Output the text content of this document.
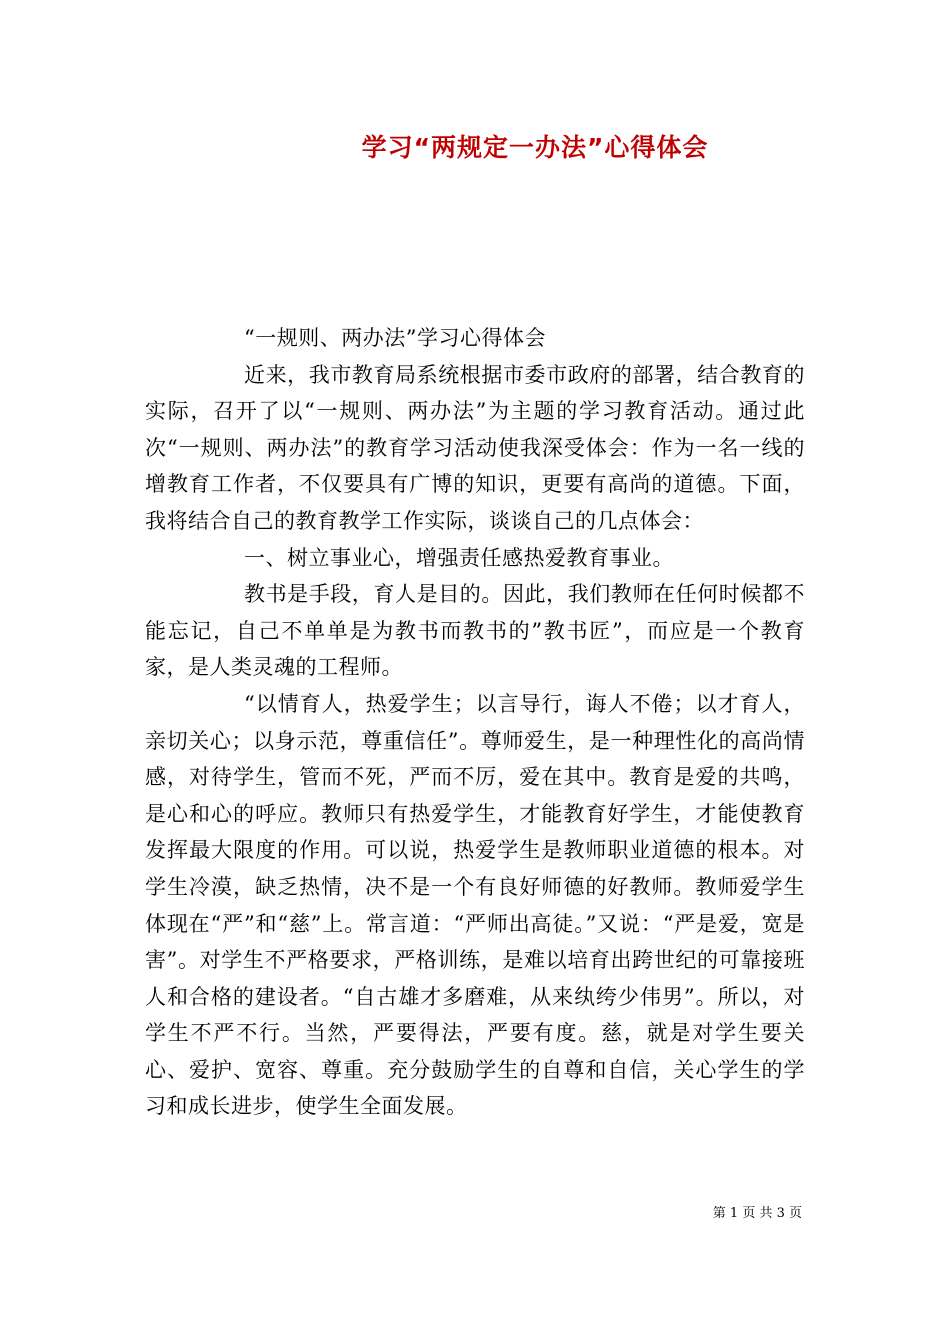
学习“两规定一办法”心得体会

“一规则、两办法”学习心得体会

近来，我市教育局系统根据市委市政府的部署，结合教育的实际，召开了以“一规则、两办法”为主题的学习教育活动。通过此次“一规则、两办法”的教育学习活动使我深受体会：作为一名一线的增教育工作者，不仅要具有广博的知识，更要有高尚的道德。下面，我将结合自己的教育教学工作实际，谈谈自己的几点体会：

一、树立事业心，增强责任感热爱教育事业。

教书是手段，育人是目的。因此，我们教师在任何时候都不能忘记，自己不单单是为教书而教书的”教书匠”，而应是一个教育家，是人类灵魂的工程师。

“以情育人，热爱学生；以言导行，诲人不倦；以才育人，亲切关心；以身示范，尊重信任”。尊师爱生，是一种理性化的高尚情感，对待学生，管而不死，严而不厉，爱在其中。教育是爱的共鸣，是心和心的呼应。教师只有热爱学生，才能教育好学生，才能使教育发挥最大限度的作用。可以说，热爱学生是教师职业道德的根本。对学生冷漠，缺乏热情，决不是一个有良好师德的好教师。教师爱学生体现在“严”和“慈”上。常言道：“严师出高徒。”又说：“严是爱，宽是害”。对学生不严格要求，严格训练，是难以培育出跨世纪的可靠接班人和合格的建设者。“自古雄才多磨难，从来纨绔少伟男”。所以，对学生不严不行。当然，严要得法，严要有度。慈，就是对学生要关心、爱护、宽容、尊重。充分鼓励学生的自尊和自信，关心学生的学习和成长进步，使学生全面发展。

第 1 页 共 3 页
